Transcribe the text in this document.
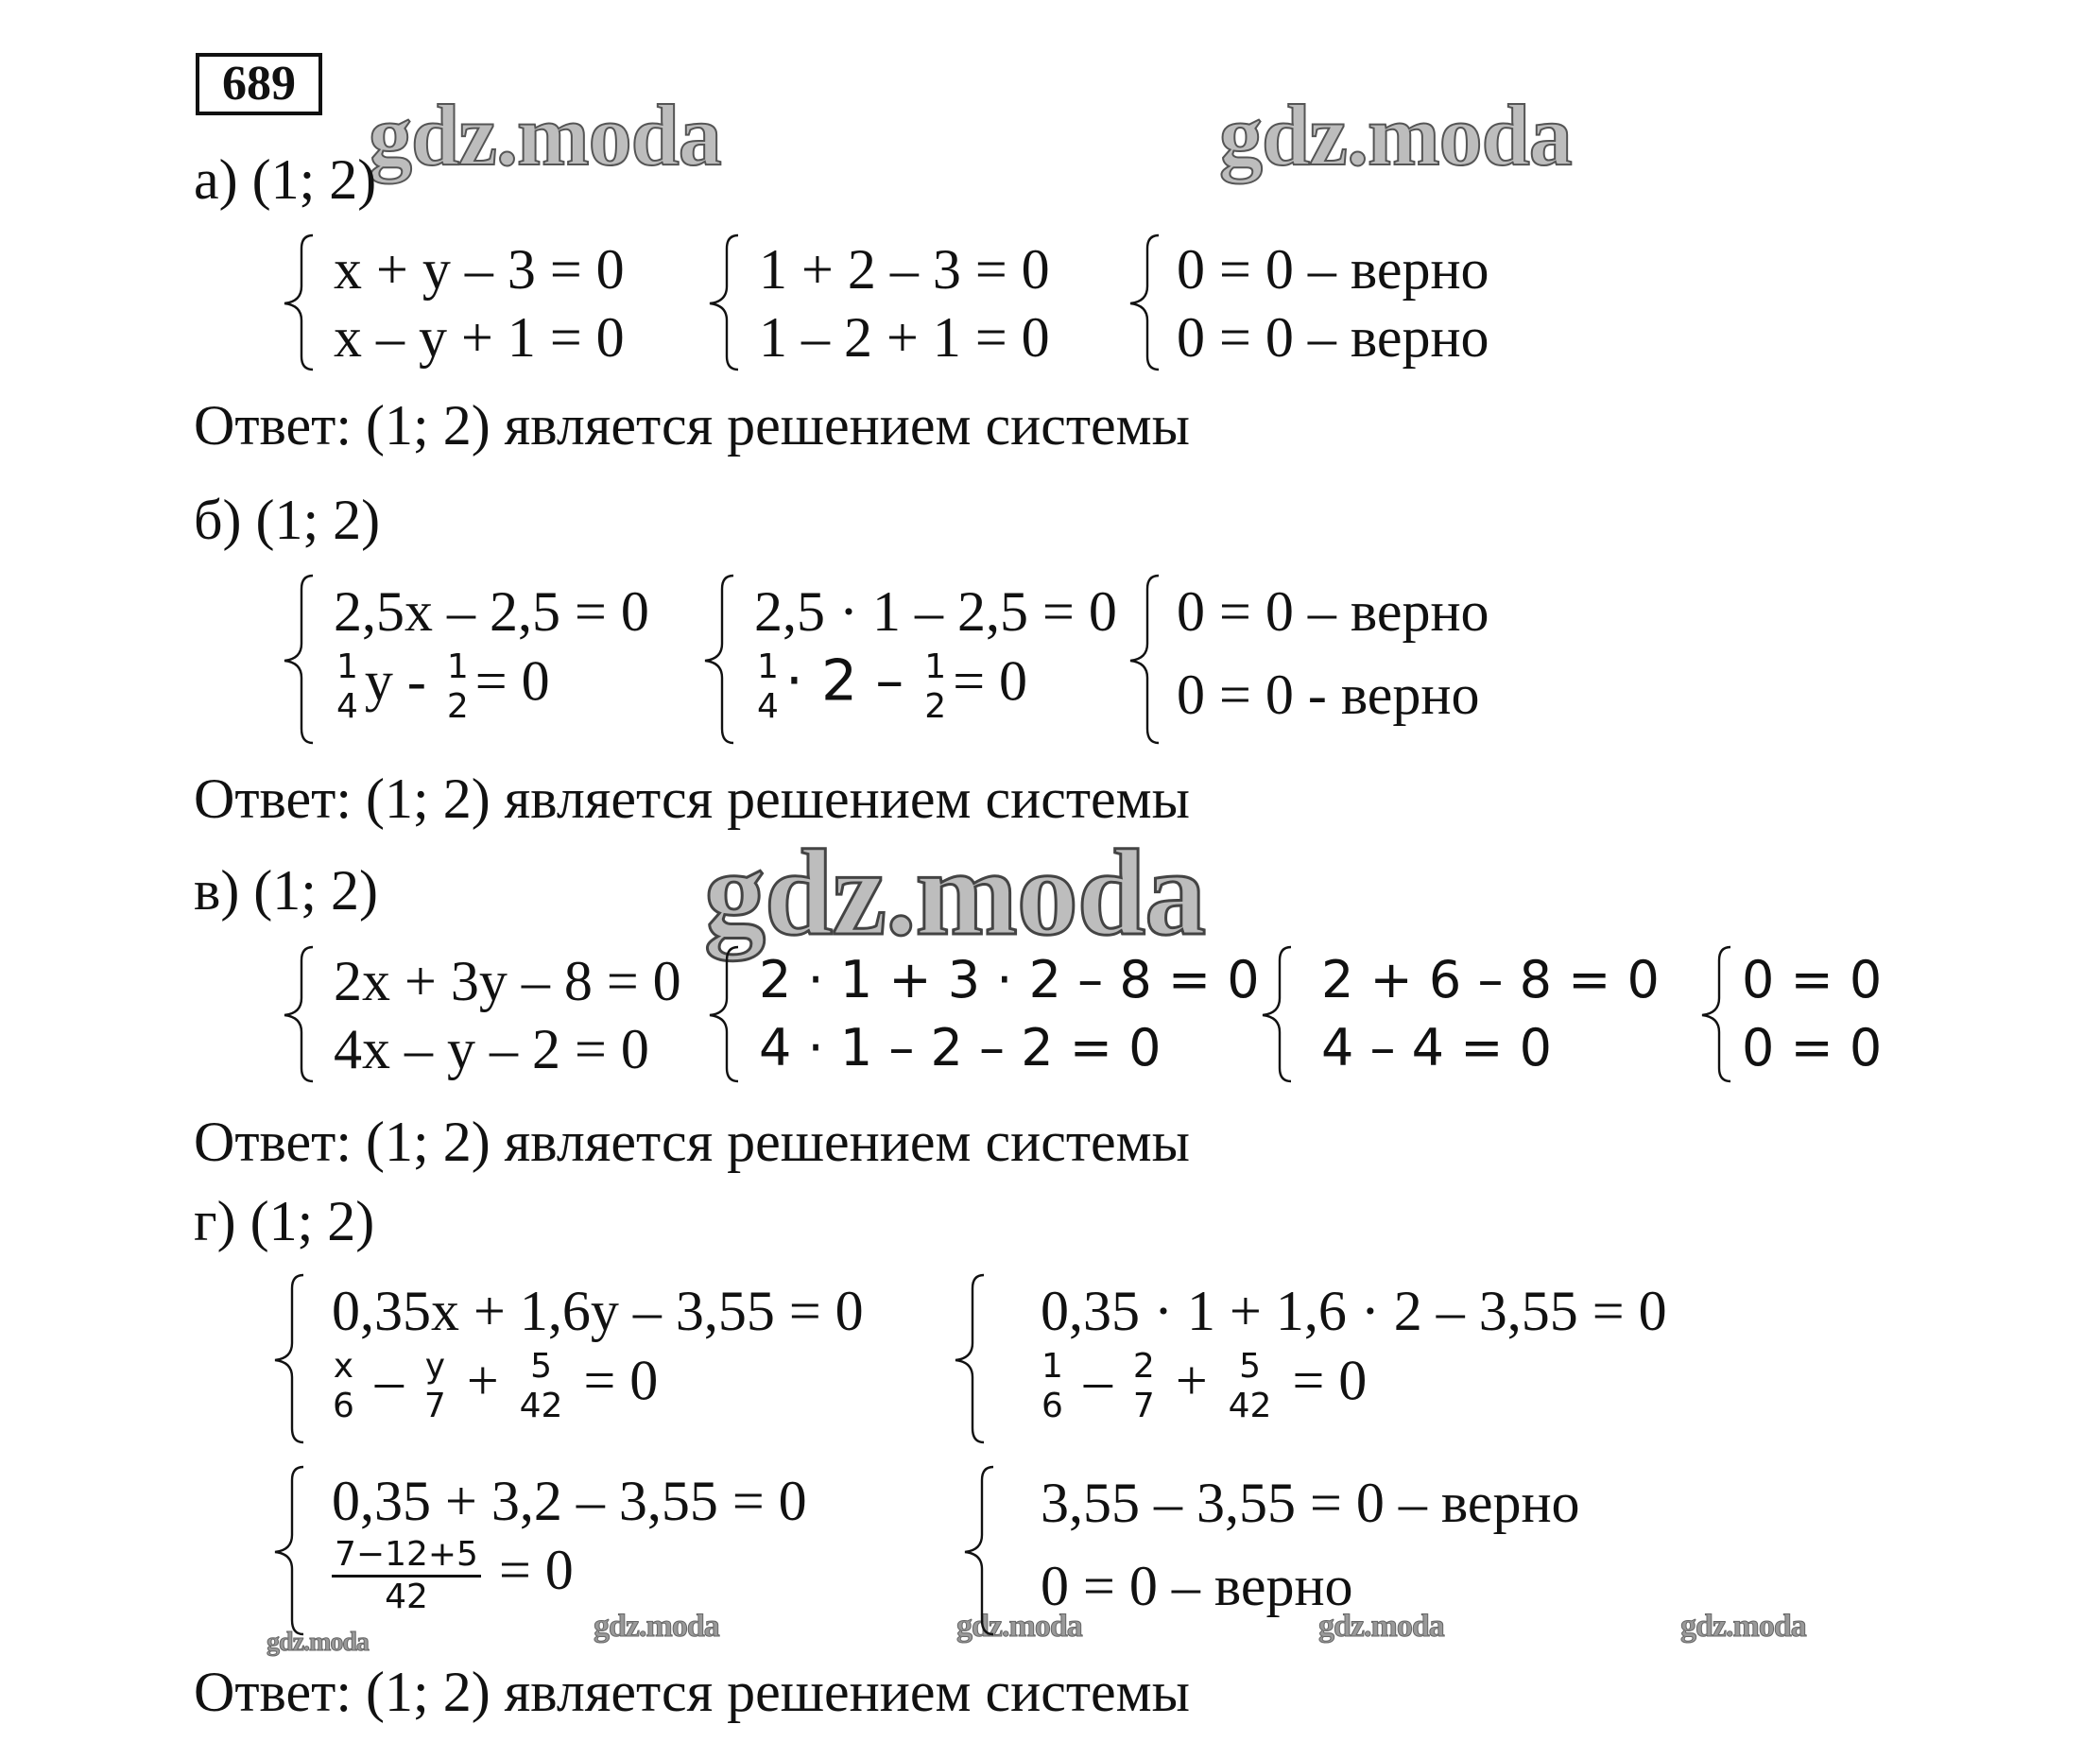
689
gdz.moda	gdz.moda
gdz.moda
gdz.moda	gdz.moda	gdz.moda	gdz.moda	gdz.moda
а) (1; 2)
x + y – 3 = 0
x – y + 1 = 0
1 + 2 – 3 = 0
1 – 2 + 1 = 0
0 = 0 – верно
0 = 0 – верно
Ответ: (1; 2) является решением системы
б) (1; 2)
2,5x – 2,5 = 0
1
4 y - 1
2 = 0
2,5 · 1 – 2,5 = 0
1
4 · 2 – 1
2 = 0
0 = 0 – верно
0 = 0 - верно
Ответ: (1; 2) является решением системы
в) (1; 2)
2x + 3y – 8 = 0
4x – y – 2 = 0
2 · 1 + 3 · 2 – 8 = 0
4 · 1 – 2 – 2 = 0
2 + 6 – 8 = 0
4 – 4 = 0
0 = 0
0 = 0
Ответ: (1; 2) является решением системы
г) (1; 2)
0,35x + 1,6y – 3,55 = 0
x
6 – y
7 + 5
42 = 0
0,35 · 1 + 1,6 · 2 – 3,55 = 0
1
6 – 2
7 + 5
42 = 0
0,35 + 3,2 – 3,55 = 0
$\frac{7-12+5}{42} = 0$
3,55 – 3,55 = 0 – верно
0 = 0 – верно
Ответ: (1; 2) является решением системы
